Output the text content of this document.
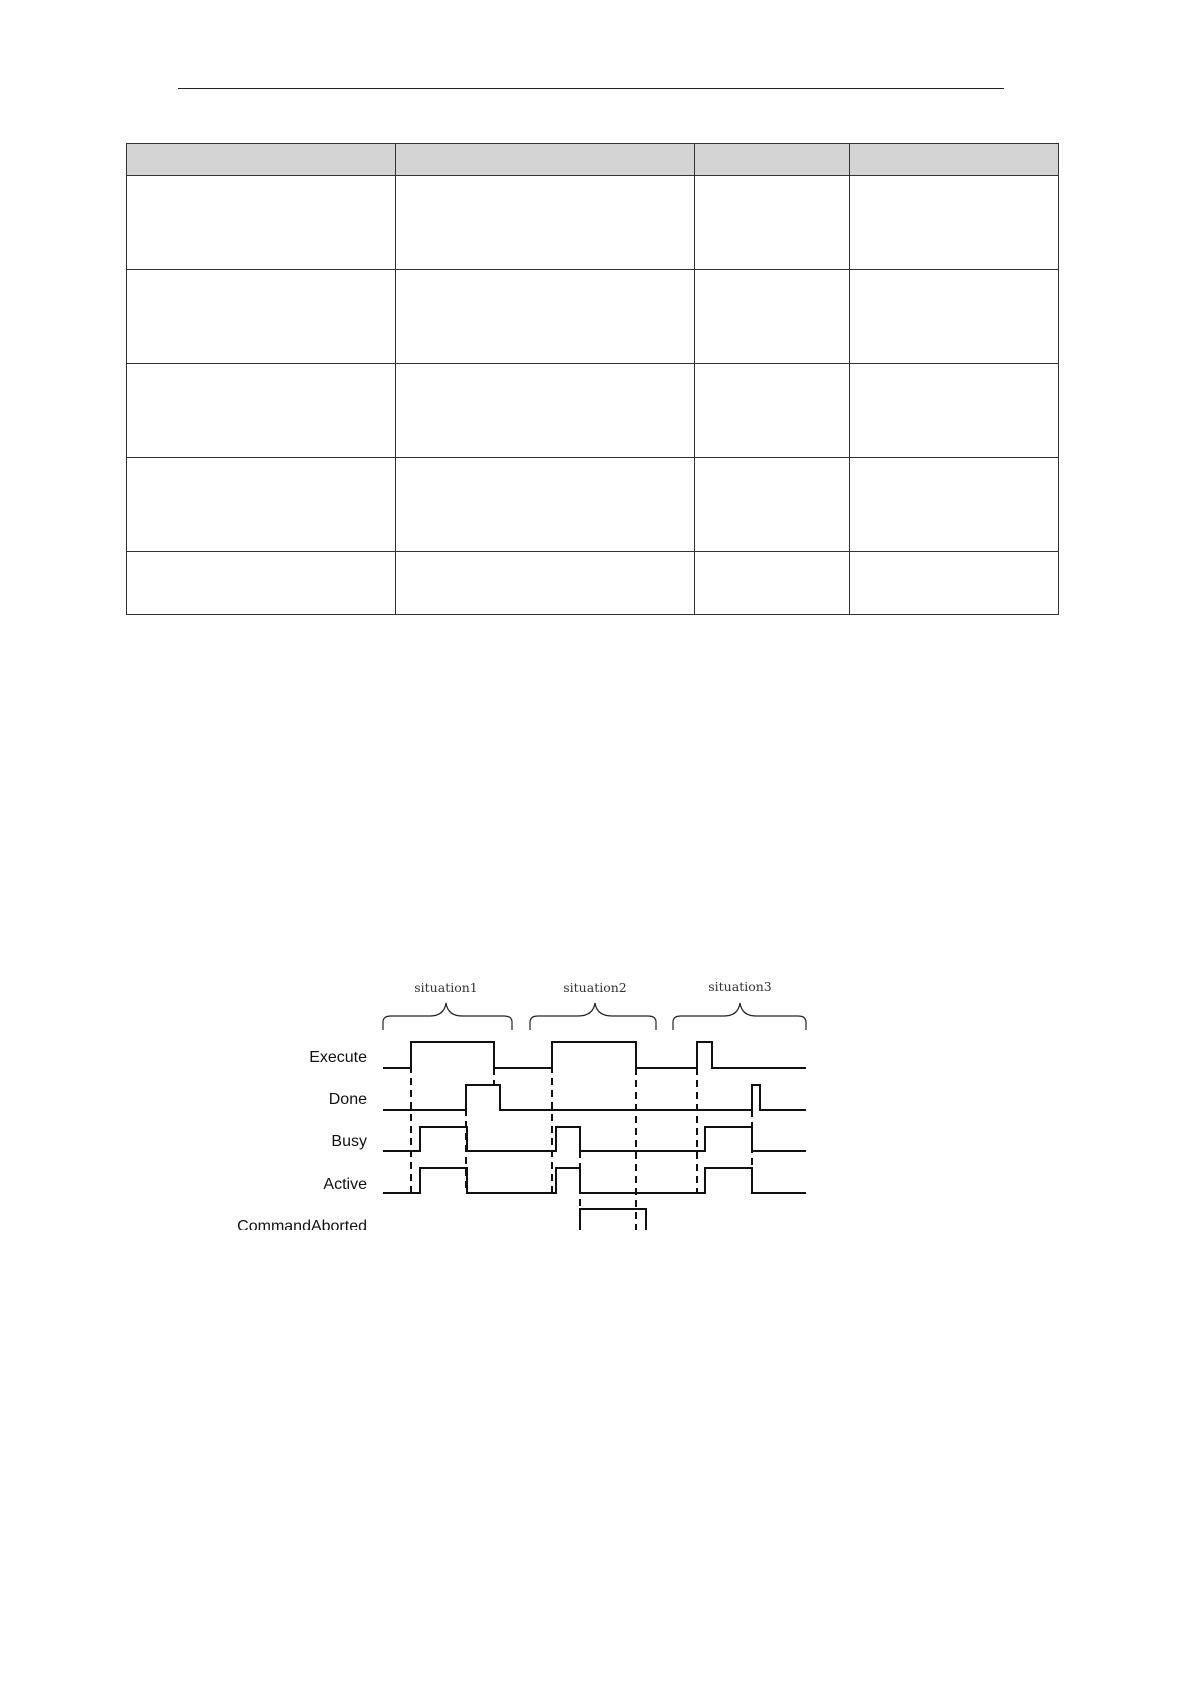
situation1	situation2	situation3
Execute
Done
Busy
Active
CommandAborted
